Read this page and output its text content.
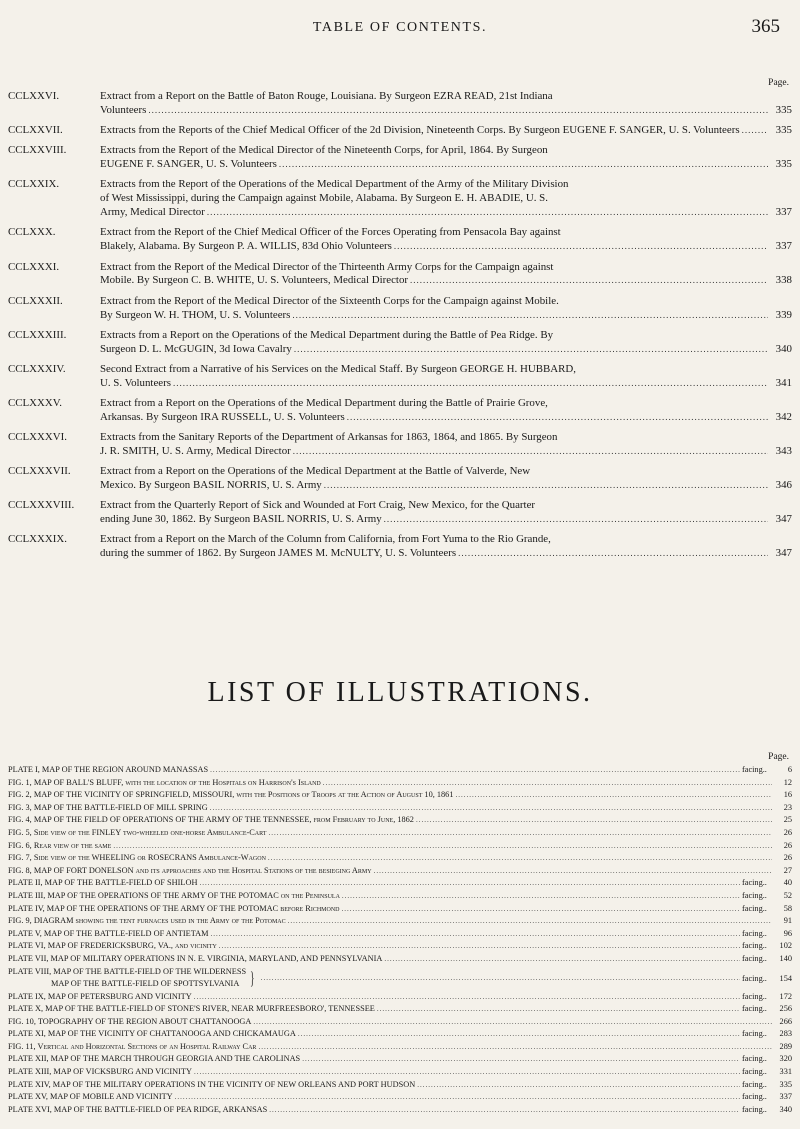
TABLE OF CONTENTS.	365
Page.
CCLXXVI.	Extract from a Report on the Battle of Baton Rouge, Louisiana. By Surgeon EZRA READ, 21st Indiana
Volunteers .....	335
CCLXXVII.	Extracts from the Reports of the Chief Medical Officer of the 2d Division, Nineteenth Corps. By Surgeon EUGENE F. SANGER, U. S. Volunteers .....	335
CCLXXVIII.	Extracts from the Report of the Medical Director of the Nineteenth Corps, for April, 1864. By Surgeon
EUGENE F. SANGER, U. S. Volunteers .....	335
CCLXXIX.	Extracts from the Report of the Operations of the Medical Department of the Army of the Military Division
of West Mississippi, during the Campaign against Mobile, Alabama. By Surgeon E. H. ABADIE, U. S.
Army, Medical Director .....	337
CCLXXX.	Extract from the Report of the Chief Medical Officer of the Forces Operating from Pensacola Bay against
Blakely, Alabama. By Surgeon P. A. WILLIS, 83d Ohio Volunteers .....	337
CCLXXXI.	Extract from the Report of the Medical Director of the Thirteenth Army Corps for the Campaign against
Mobile. By Surgeon C. B. WHITE, U. S. Volunteers, Medical Director .....	338
CCLXXXII.	Extract from the Report of the Medical Director of the Sixteenth Corps for the Campaign against Mobile.
By Surgeon W. H. THOM, U. S. Volunteers .....	339
CCLXXXIII.	Extracts from a Report on the Operations of the Medical Department during the Battle of Pea Ridge. By
Surgeon D. L. McGUGIN, 3d Iowa Cavalry .....	340
CCLXXXIV.	Second Extract from a Narrative of his Services on the Medical Staff. By Surgeon GEORGE H. HUBBARD,
U. S. Volunteers .....	341
CCLXXXV.	Extract from a Report on the Operations of the Medical Department during the Battle of Prairie Grove,
Arkansas. By Surgeon IRA RUSSELL, U. S. Volunteers .....	342
CCLXXXVI.	Extracts from the Sanitary Reports of the Department of Arkansas for 1863, 1864, and 1865. By Surgeon
J. R. SMITH, U. S. Army, Medical Director .....	343
CCLXXXVII.	Extract from a Report on the Operations of the Medical Department at the Battle of Valverde, New
Mexico. By Surgeon BASIL NORRIS, U. S. Army .....	346
CCLXXXVIII.	Extract from the Quarterly Report of Sick and Wounded at Fort Craig, New Mexico, for the Quarter
ending June 30, 1862. By Surgeon BASIL NORRIS, U. S. Army .....	347
CCLXXXIX.	Extract from a Report on the March of the Column from California, from Fort Yuma to the Rio Grande,
during the summer of 1862. By Surgeon JAMES M. McNULTY, U. S. Volunteers .....	347
LIST OF ILLUSTRATIONS.
Page.
PLATE I, MAP OF THE REGION AROUND MANASSAS .....	facing..	6
FIG. 1, MAP OF BALL'S BLUFF, with the location of the Hospitals on Harrison's Island .....	12
FIG. 2, MAP OF THE VICINITY OF SPRINGFIELD, MISSOURI, with the Positions of Troops at the Action of August 10, 1861 .....	16
FIG. 3, MAP OF THE BATTLE-FIELD OF MILL SPRING .....	23
FIG. 4, MAP OF THE FIELD OF OPERATIONS OF THE ARMY OF THE TENNESSEE, from February to June, 1862 .....	25
FIG. 5, Side view of the FINLEY two-wheeled one-horse Ambulance-Cart .....	26
FIG. 6, Rear view of the same .....	26
FIG. 7, Side view of the WHEELING or ROSECRANS Ambulance-Wagon .....	26
FIG. 8, MAP OF FORT DONELSON and its approaches and the Hospital Stations of the besieging Army .....	27
PLATE II, MAP OF THE BATTLE-FIELD OF SHILOH .....	facing..	40
PLATE III, MAP OF THE OPERATIONS OF THE ARMY OF THE POTOMAC on the Peninsula .....	facing..	52
PLATE IV, MAP OF THE OPERATIONS OF THE ARMY OF THE POTOMAC before Richmond .....	facing..	58
FIG. 9, DIAGRAM showing the tent furnaces used in the Army of the Potomac .....	91
PLATE V, MAP OF THE BATTLE-FIELD OF ANTIETAM .....	facing..	96
PLATE VI, MAP OF FREDERICKSBURG, VA., and vicinity .....	facing..	102
PLATE VII, MAP OF MILITARY OPERATIONS IN N. E. VIRGINIA, MARYLAND, AND PENNSYLVANIA .....	facing..	140
PLATE VIII, MAP OF THE BATTLE-FIELD OF THE WILDERNESS
MAP OF THE BATTLE-FIELD OF SPOTTSYLVANIA } .....	facing..	154
PLATE IX, MAP OF PETERSBURG AND VICINITY .....	facing..	172
PLATE X, MAP OF THE BATTLE-FIELD OF STONE'S RIVER, NEAR MURFREESBORO', TENNESSEE .....	facing..	256
FIG. 10, TOPOGRAPHY OF THE REGION ABOUT CHATTANOOGA .....	266
PLATE XI, MAP OF THE VICINITY OF CHATTANOOGA AND CHICKAMAUGA .....	facing..	283
FIG. 11, Vertical and Horizontal Sections of an Hospital Railway Car .....	289
PLATE XII, MAP OF THE MARCH THROUGH GEORGIA AND THE CAROLINAS .....	facing..	320
PLATE XIII, MAP OF VICKSBURG AND VICINITY .....	facing..	331
PLATE XIV, MAP OF THE MILITARY OPERATIONS IN THE VICINITY OF NEW ORLEANS AND PORT HUDSON .....	facing..	335
PLATE XV, MAP OF MOBILE AND VICINITY .....	facing..	337
PLATE XVI, MAP OF THE BATTLE-FIELD OF PEA RIDGE, ARKANSAS .....	facing..	340
